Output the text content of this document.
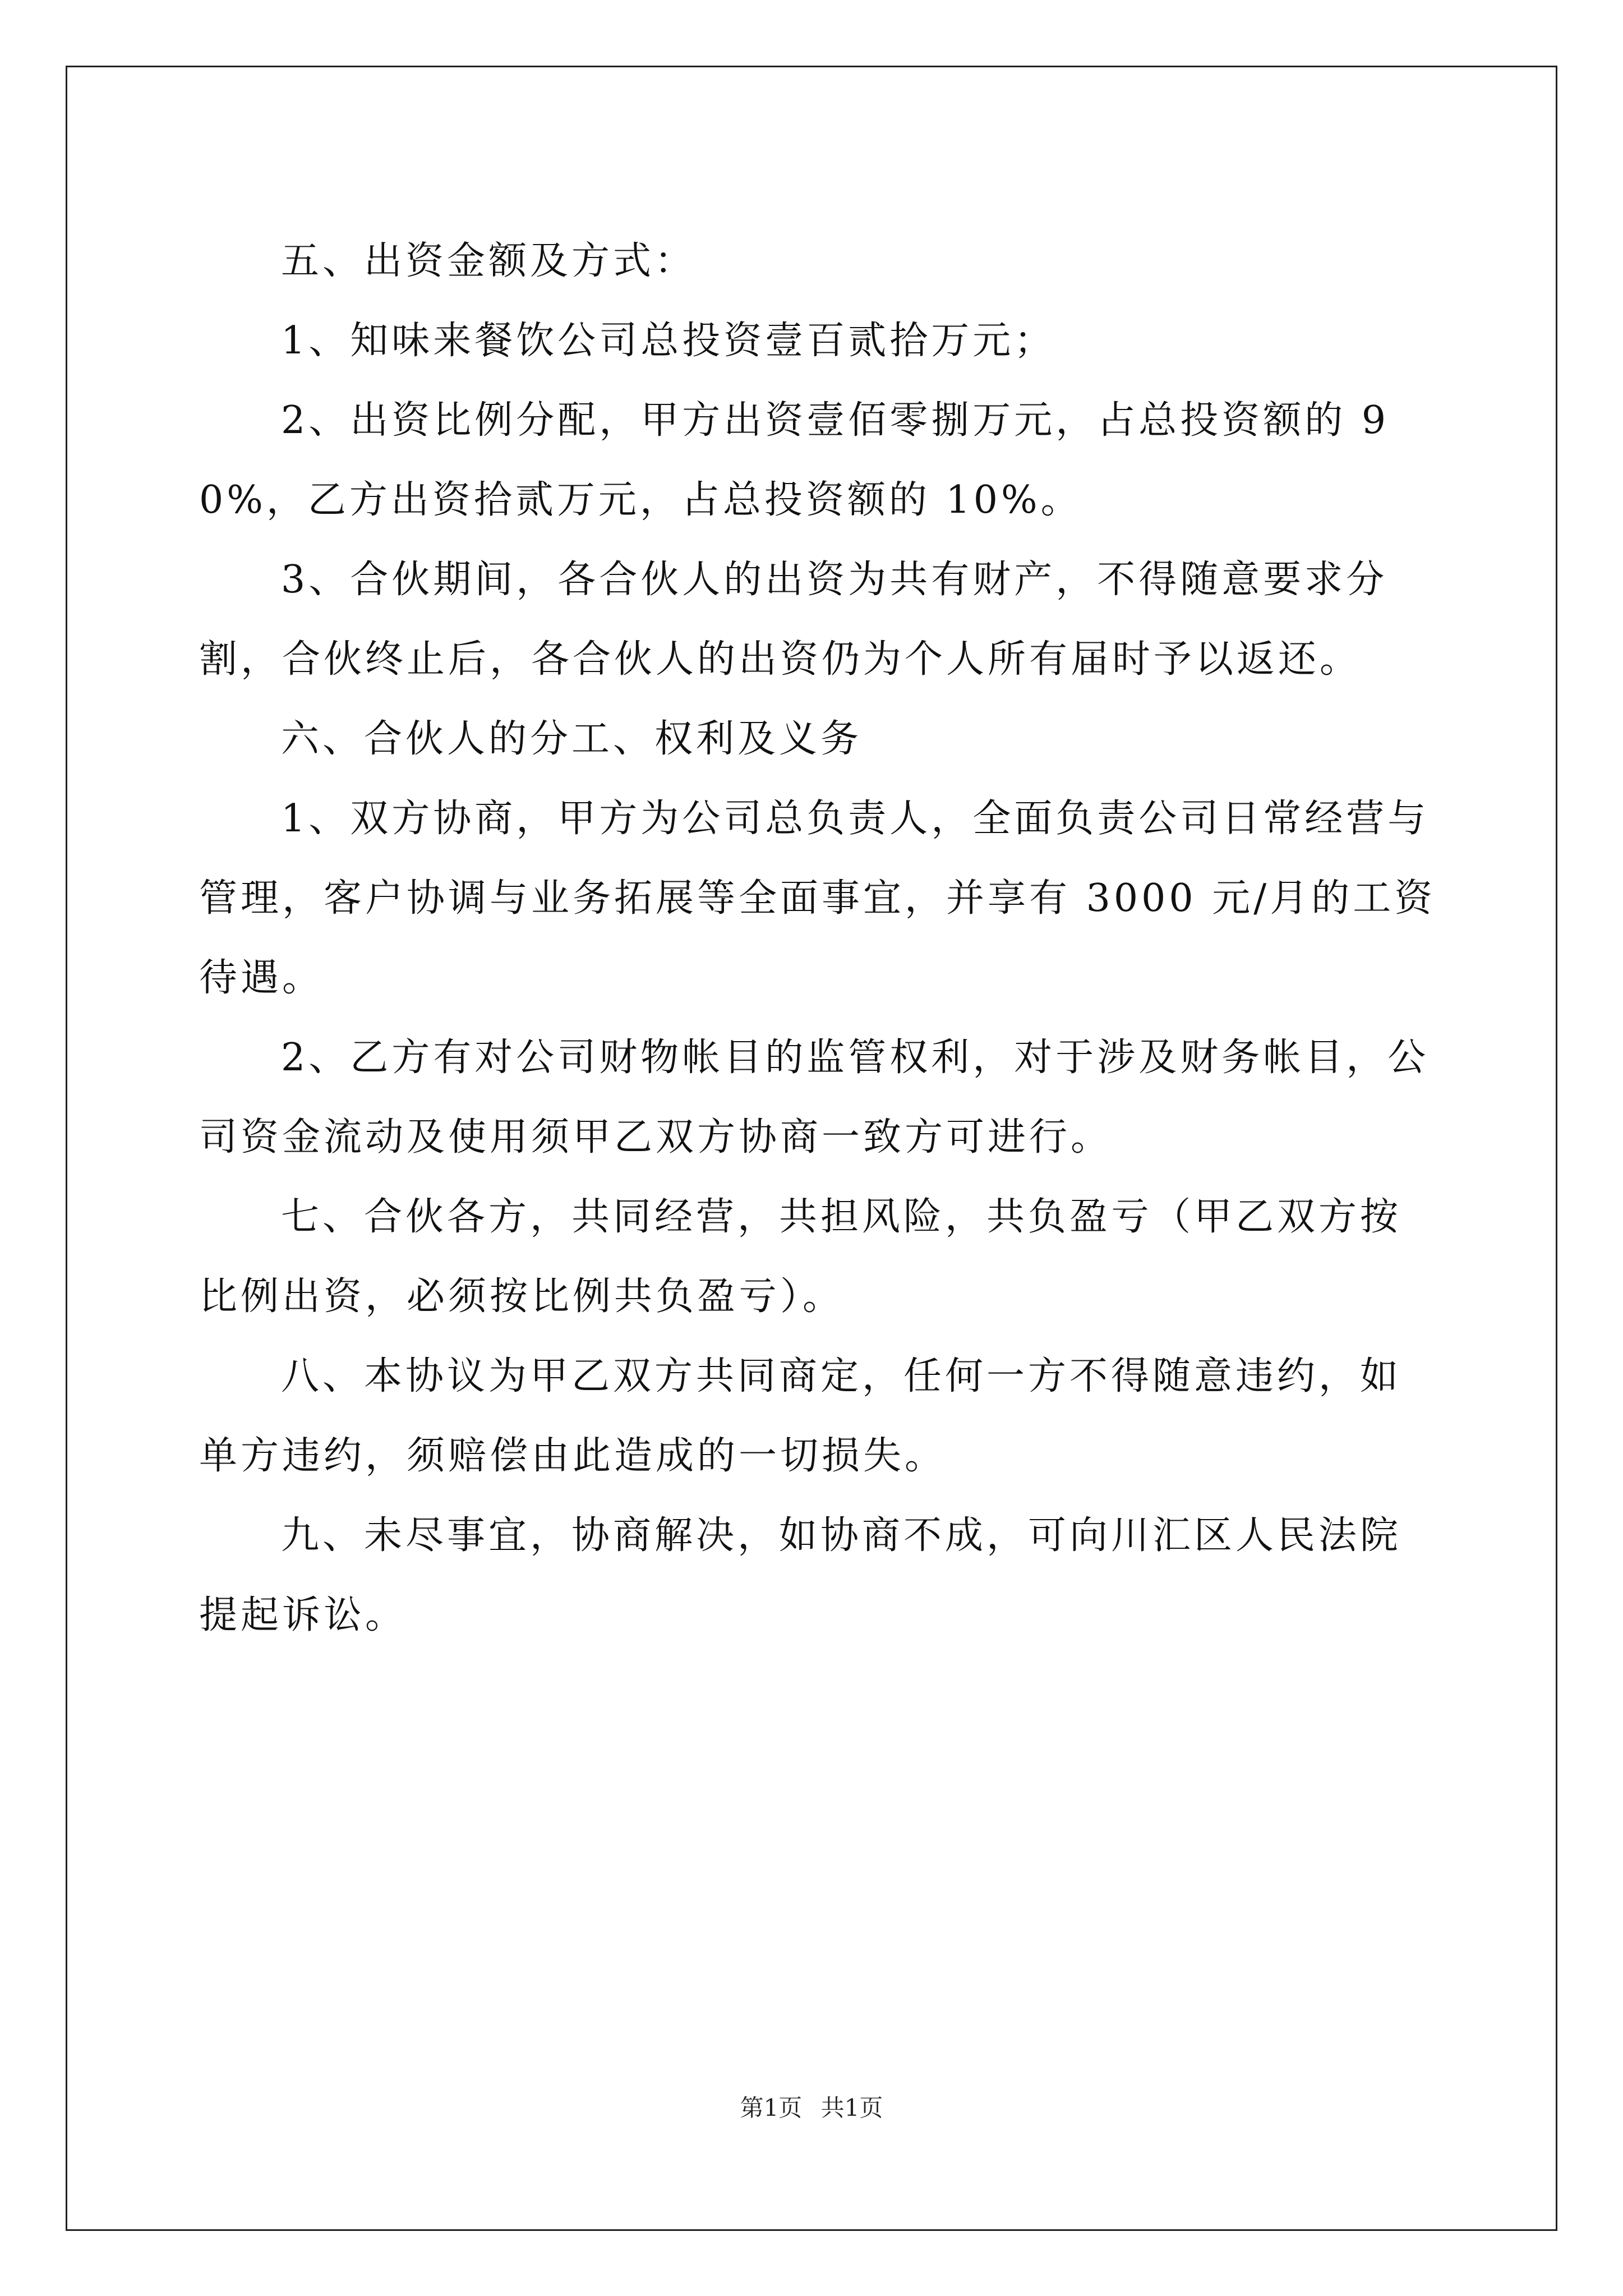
五、出资金额及方式：

1、知味来餐饮公司总投资壹百贰拾万元；

2、出资比例分配，甲方出资壹佰零捌万元，占总投资额的 90%，乙方出资拾贰万元，占总投资额的 10%。

3、合伙期间，各合伙人的出资为共有财产，不得随意要求分割，合伙终止后，各合伙人的出资仍为个人所有届时予以返还。

六、合伙人的分工、权利及义务

1、双方协商，甲方为公司总负责人，全面负责公司日常经营与管理，客户协调与业务拓展等全面事宜，并享有 3000 元/月的工资待遇。

2、乙方有对公司财物帐目的监管权利，对于涉及财务帐目，公司资金流动及使用须甲乙双方协商一致方可进行。

七、合伙各方，共同经营，共担风险，共负盈亏（甲乙双方按比例出资，必须按比例共负盈亏）。

八、本协议为甲乙双方共同商定，任何一方不得随意违约，如单方违约，须赔偿由此造成的一切损失。

九、未尽事宜，协商解决，如协商不成，可向川汇区人民法院提起诉讼。

第1页 共1页
